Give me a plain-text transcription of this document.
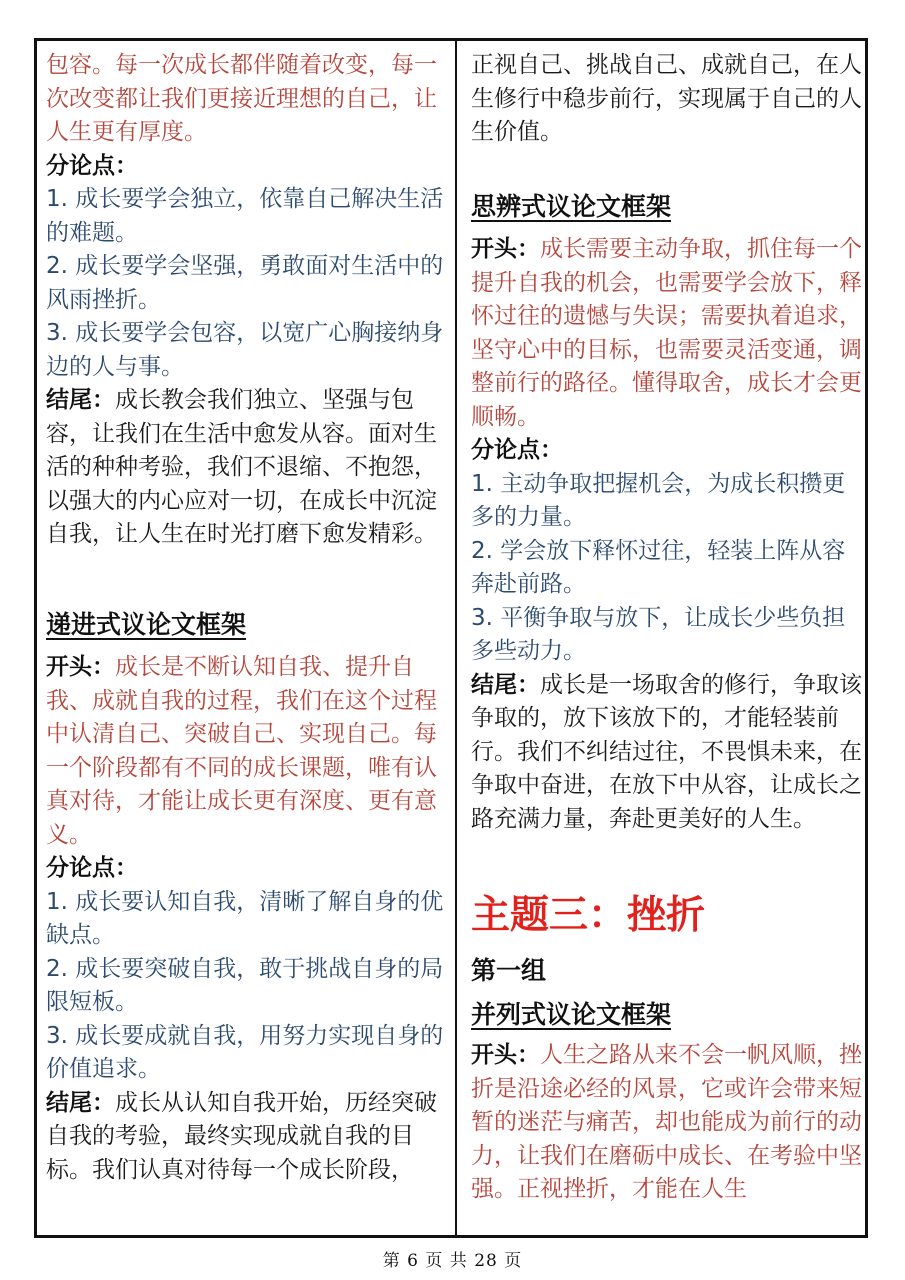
包容。每一次成长都伴随着改变，每一次改变都让我们更接近理想的自己，让人生更有厚度。

分论点：

1. 成长要学会独立，依靠自己解决生活的难题。

2. 成长要学会坚强，勇敢面对生活中的风雨挫折。

3. 成长要学会包容，以宽广心胸接纳身边的人与事。

结尾：成长教会我们独立、坚强与包容，让我们在生活中愈发从容。面对生活的种种考验，我们不退缩、不抱怨，以强大的内心应对一切，在成长中沉淀自我，让人生在时光打磨下愈发精彩。

递进式议论文框架

开头：成长是不断认知自我、提升自我、成就自我的过程，我们在这个过程中认清自己、突破自己、实现自己。每一个阶段都有不同的成长课题，唯有认真对待，才能让成长更有深度、更有意义。

分论点：

1. 成长要认知自我，清晰了解自身的优缺点。

2. 成长要突破自我，敢于挑战自身的局限短板。

3. 成长要成就自我，用努力实现自身的价值追求。

结尾：成长从认知自我开始，历经突破自我的考验，最终实现成就自我的目标。我们认真对待每一个成长阶段，

正视自己、挑战自己、成就自己，在人生修行中稳步前行，实现属于自己的人生价值。

思辨式议论文框架

开头：成长需要主动争取，抓住每一个提升自我的机会，也需要学会放下，释怀过往的遗憾与失误；需要执着追求，坚守心中的目标，也需要灵活变通，调整前行的路径。懂得取舍，成长才会更顺畅。

分论点：

1. 主动争取把握机会，为成长积攒更多的力量。

2. 学会放下释怀过往，轻装上阵从容奔赴前路。

3. 平衡争取与放下，让成长少些负担多些动力。

结尾：成长是一场取舍的修行，争取该争取的，放下该放下的，才能轻装前行。我们不纠结过往，不畏惧未来，在争取中奋进，在放下中从容，让成长之路充满力量，奔赴更美好的人生。

主题三：挫折

第一组

并列式议论文框架

开头：人生之路从来不会一帆风顺，挫折是沿途必经的风景，它或许会带来短暂的迷茫与痛苦，却也能成为前行的动力，让我们在磨砺中成长、在考验中坚强。正视挫折，才能在人生

第 6 页 共 28 页
